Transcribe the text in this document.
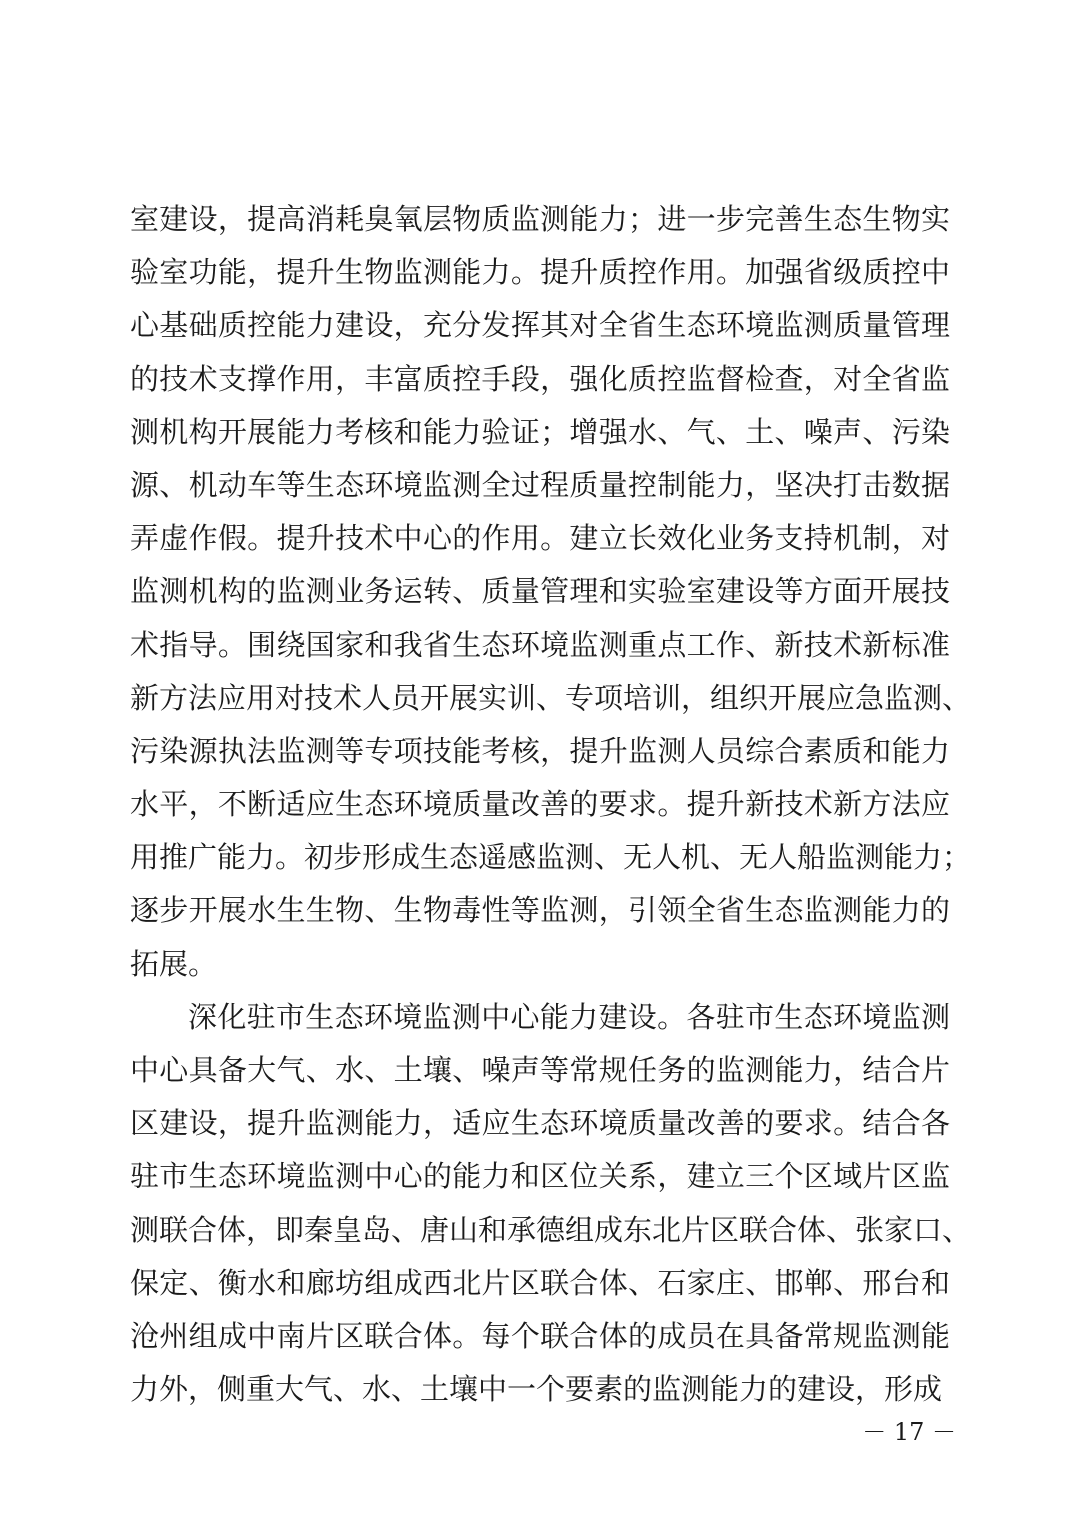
室建设，提高消耗臭氧层物质监测能力；进一步完善生态生物实
验室功能，提升生物监测能力。提升质控作用。加强省级质控中
心基础质控能力建设，充分发挥其对全省生态环境监测质量管理
的技术支撑作用，丰富质控手段，强化质控监督检查，对全省监
测机构开展能力考核和能力验证；增强水、气、土、噪声、污染
源、机动车等生态环境监测全过程质量控制能力，坚决打击数据
弄虚作假。提升技术中心的作用。建立长效化业务支持机制，对
监测机构的监测业务运转、质量管理和实验室建设等方面开展技
术指导。围绕国家和我省生态环境监测重点工作、新技术新标准
新方法应用对技术人员开展实训、专项培训，组织开展应急监测、
污染源执法监测等专项技能考核，提升监测人员综合素质和能力
水平，不断适应生态环境质量改善的要求。提升新技术新方法应
用推广能力。初步形成生态遥感监测、无人机、无人船监测能力；
逐步开展水生生物、生物毒性等监测，引领全省生态监测能力的
拓展。
深化驻市生态环境监测中心能力建设。各驻市生态环境监测
中心具备大气、水、土壤、噪声等常规任务的监测能力，结合片
区建设，提升监测能力，适应生态环境质量改善的要求。结合各
驻市生态环境监测中心的能力和区位关系，建立三个区域片区监
测联合体，即秦皇岛、唐山和承德组成东北片区联合体、张家口、
保定、衡水和廊坊组成西北片区联合体、石家庄、邯郸、邢台和
沧州组成中南片区联合体。每个联合体的成员在具备常规监测能
力外，侧重大气、水、土壤中一个要素的监测能力的建设，形成
－ 17 －
